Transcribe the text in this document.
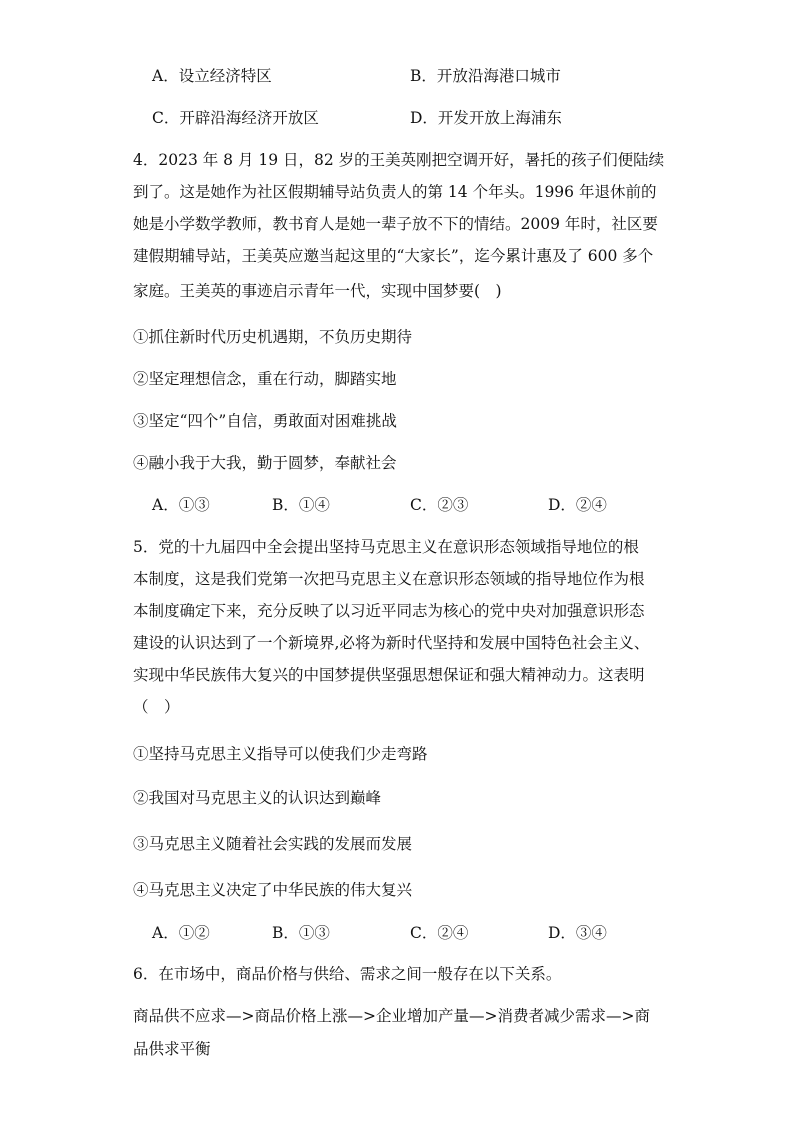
A．设立经济特区	B．开放沿海港口城市
C．开辟沿海经济开放区	D．开发开放上海浦东
4．2023 年 8 月 19 日，82 岁的王美英刚把空调开好，暑托的孩子们便陆续
到了。这是她作为社区假期辅导站负责人的第 14 个年头。1996 年退休前的
她是小学数学教师，教书育人是她一辈子放不下的情结。2009 年时，社区要
建假期辅导站，王美英应邀当起这里的“大家长”，迄今累计惠及了 600 多个
家庭。王美英的事迹启示青年一代，实现中国梦要(　)
①抓住新时代历史机遇期，不负历史期待
②坚定理想信念，重在行动，脚踏实地
③坚定“四个”自信，勇敢面对困难挑战
④融小我于大我，勤于圆梦，奉献社会
A．①③	B．①④	C．②③	D．②④
5．党的十九届四中全会提出坚持马克思主义在意识形态领域指导地位的根
本制度，这是我们党第一次把马克思主义在意识形态领域的指导地位作为根
本制度确定下来，充分反映了以习近平同志为核心的党中央对加强意识形态
建设的认识达到了一个新境界,必将为新时代坚持和发展中国特色社会主义、
实现中华民族伟大复兴的中国梦提供坚强思想保证和强大精神动力。这表明
（　）
①坚持马克思主义指导可以使我们少走弯路
②我国对马克思主义的认识达到巅峰
③马克思主义随着社会实践的发展而发展
④马克思主义决定了中华民族的伟大复兴
A．①②	B．①③	C．②④	D．③④
6．在市场中，商品价格与供给、需求之间一般存在以下关系。
商品供不应求—>商品价格上涨—>企业增加产量—>消费者减少需求—>商
品供求平衡
